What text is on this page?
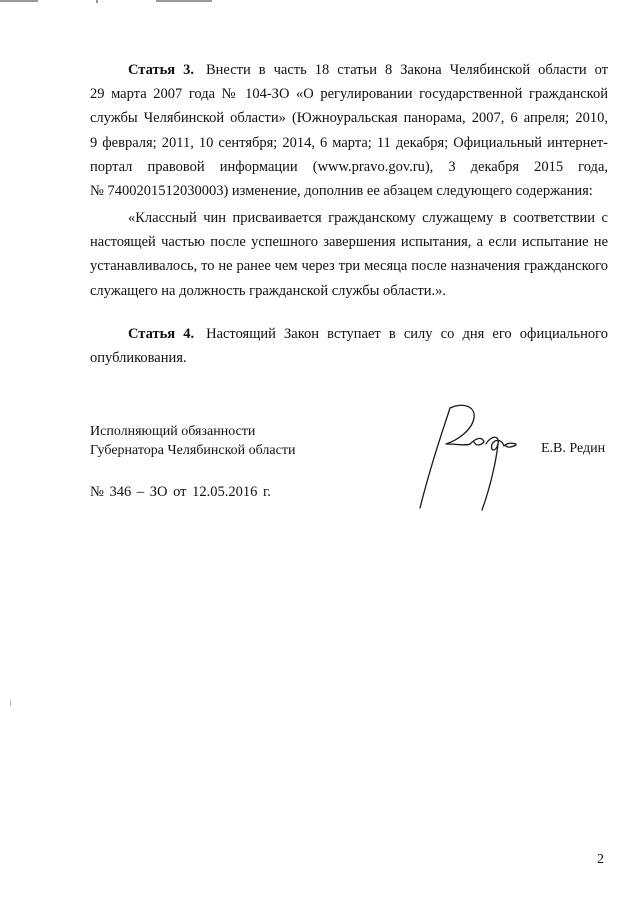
Статья 3. Внести в часть 18 статьи 8 Закона Челябинской области от
29 марта 2007 года № 104-ЗО «О регулировании государственной гражданской
службы Челябинской области» (Южноуральская панорама, 2007, 6 апреля; 2010,
9 февраля; 2011, 10 сентября; 2014, 6 марта; 11 декабря; Официальный интернет-
портал правовой информации (www.pravo.gov.ru), 3 декабря 2015 года,
№ 7400201512030003) изменение, дополнив ее абзацем следующего содержания:
«Классный чин присваивается гражданскому служащему в соответствии с
настоящей частью после успешного завершения испытания, а если испытание не
устанавливалось, то не ранее чем через три месяца после назначения гражданского
служащего на должность гражданской службы области.».
Статья 4. Настоящий Закон вступает в силу со дня его официального
опубликования.
Исполняющий обязанности
Губернатора Челябинской области	Е.В. Редин
№ 346 – ЗО от 12.05.2016 г.
2
